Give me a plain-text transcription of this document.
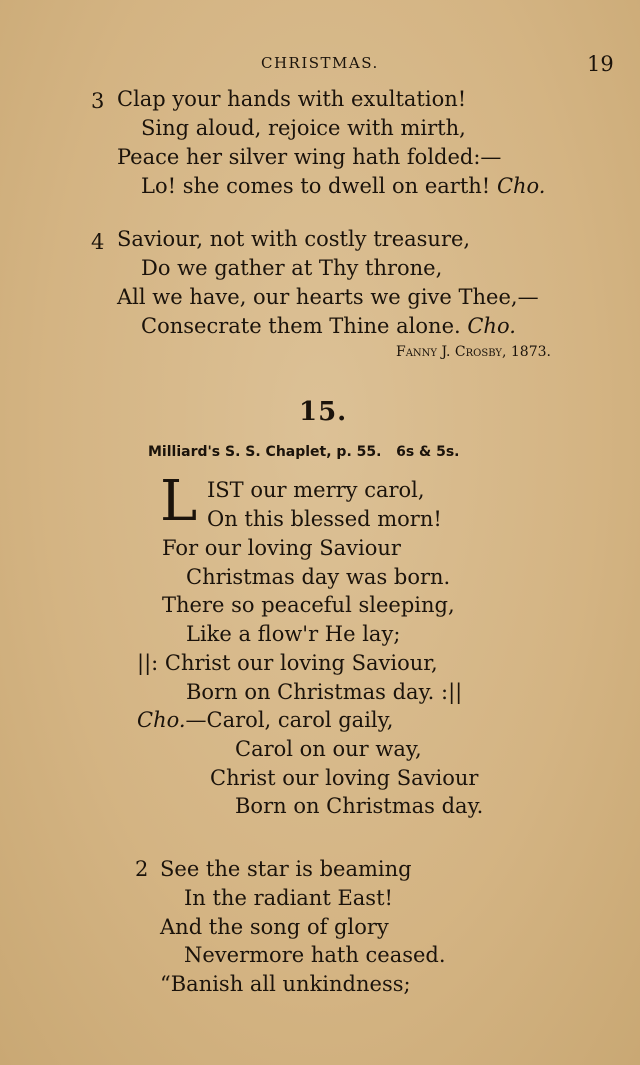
CHRISTMAS.	19
3 Clap your hands with exultation!
Sing aloud, rejoice with mirth,
Peace her silver wing hath folded:—
Lo! she comes to dwell on earth! Cho.
4 Saviour, not with costly treasure,
Do we gather at Thy throne,
All we have, our hearts we give Thee,—
Consecrate them Thine alone. Cho.
Fanny J. Crosby, 1873.
15.
Milliard's S. S. Chaplet, p. 55. 6s & 5s.
L IST our merry carol,
On this blessed morn!
For our loving Saviour
Christmas day was born.
There so peaceful sleeping,
Like a flow'r He lay;
||: Christ our loving Saviour,
Born on Christmas day. :||
Cho.—Carol, carol gaily,
Carol on our way,
Christ our loving Saviour
Born on Christmas day.
2 See the star is beaming
In the radiant East!
And the song of glory
Nevermore hath ceased.
“Banish all unkindness;
